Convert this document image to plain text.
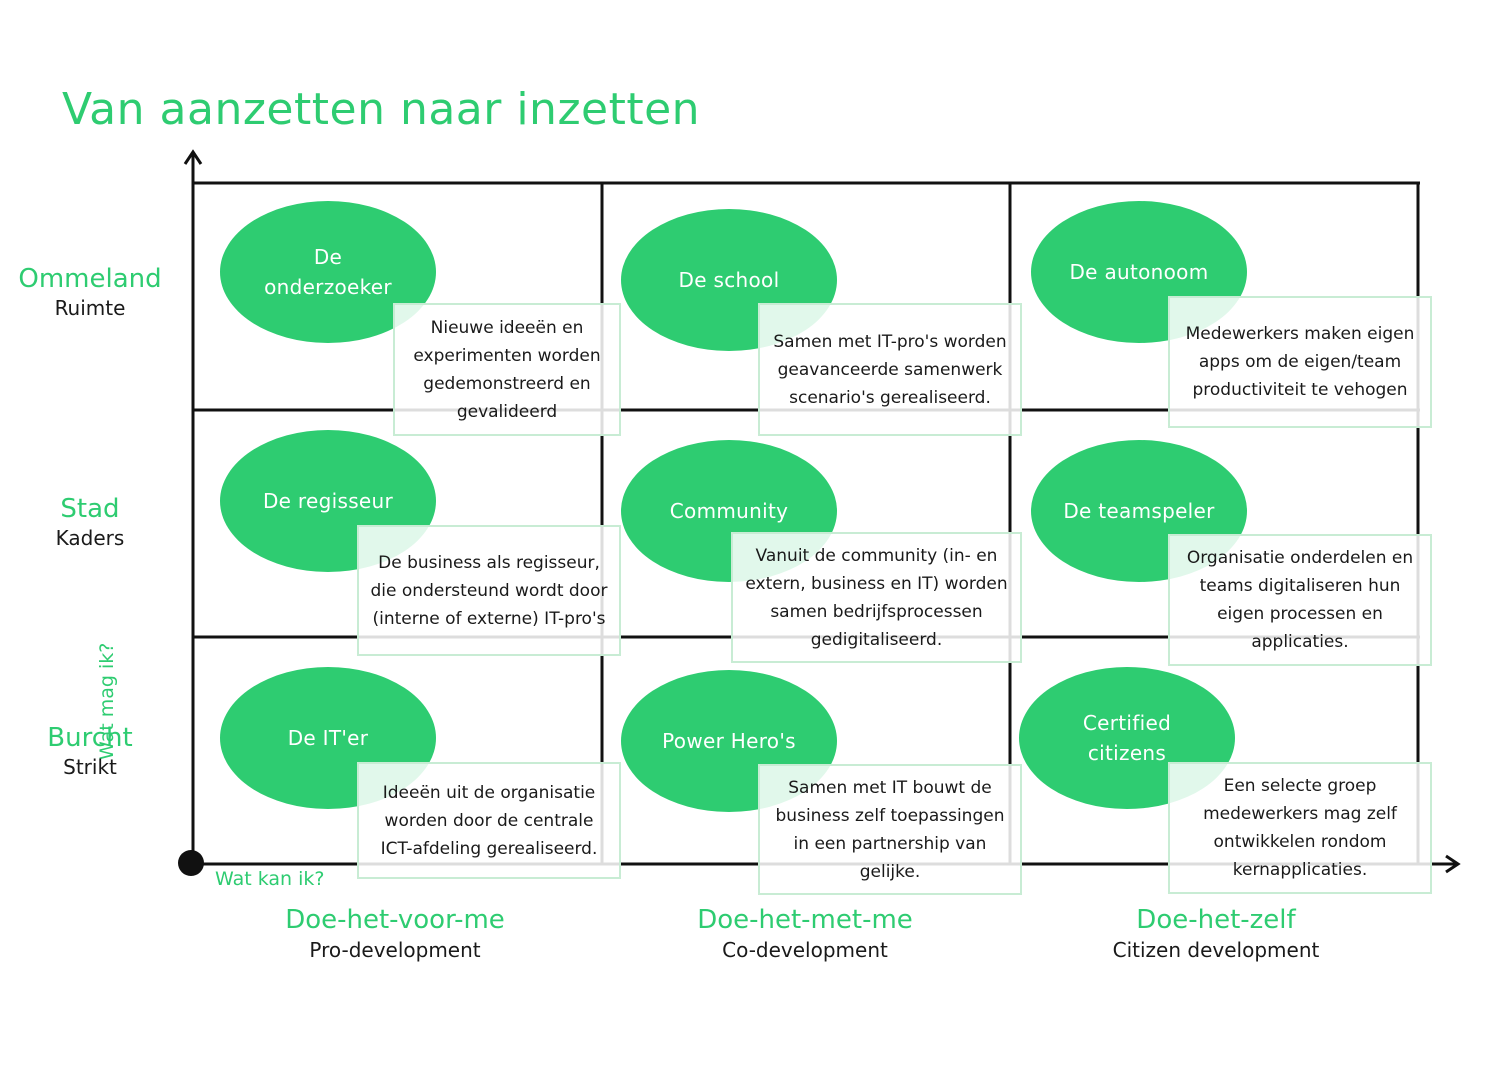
Van aanzetten naar inzetten
Wat mag ik?
Wat kan ik?
Ommeland
Ruimte
Stad
Kaders
Burcht
Strikt
Doe-het-voor-me
Pro-development
Doe-het-met-me
Co-development
Doe-het-zelf
Citizen development
De onderzoeker
Nieuwe ideeën en experimenten worden gedemonstreerd en gevalideerd
De school
Samen met IT-pro's worden geavanceerde samenwerk scenario's gerealiseerd.
De autonoom
Medewerkers maken eigen apps om de eigen/team productiviteit te vehogen
De regisseur
De business als regisseur, die ondersteund wordt door (interne of externe) IT-pro's
Community
Vanuit de community (in- en extern, business en IT) worden samen bedrijfsprocessen gedigitaliseerd.
De teamspeler
Organisatie onderdelen en teams digitaliseren hun eigen processen en applicaties.
De IT'er
Ideeën uit de organisatie worden door de centrale ICT-afdeling gerealiseerd.
Power Hero's
Samen met IT bouwt de business zelf toepassingen in een partnership van gelijke.
Certified citizens
Een selecte groep medewerkers mag zelf ontwikkelen rondom kernapplicaties.
